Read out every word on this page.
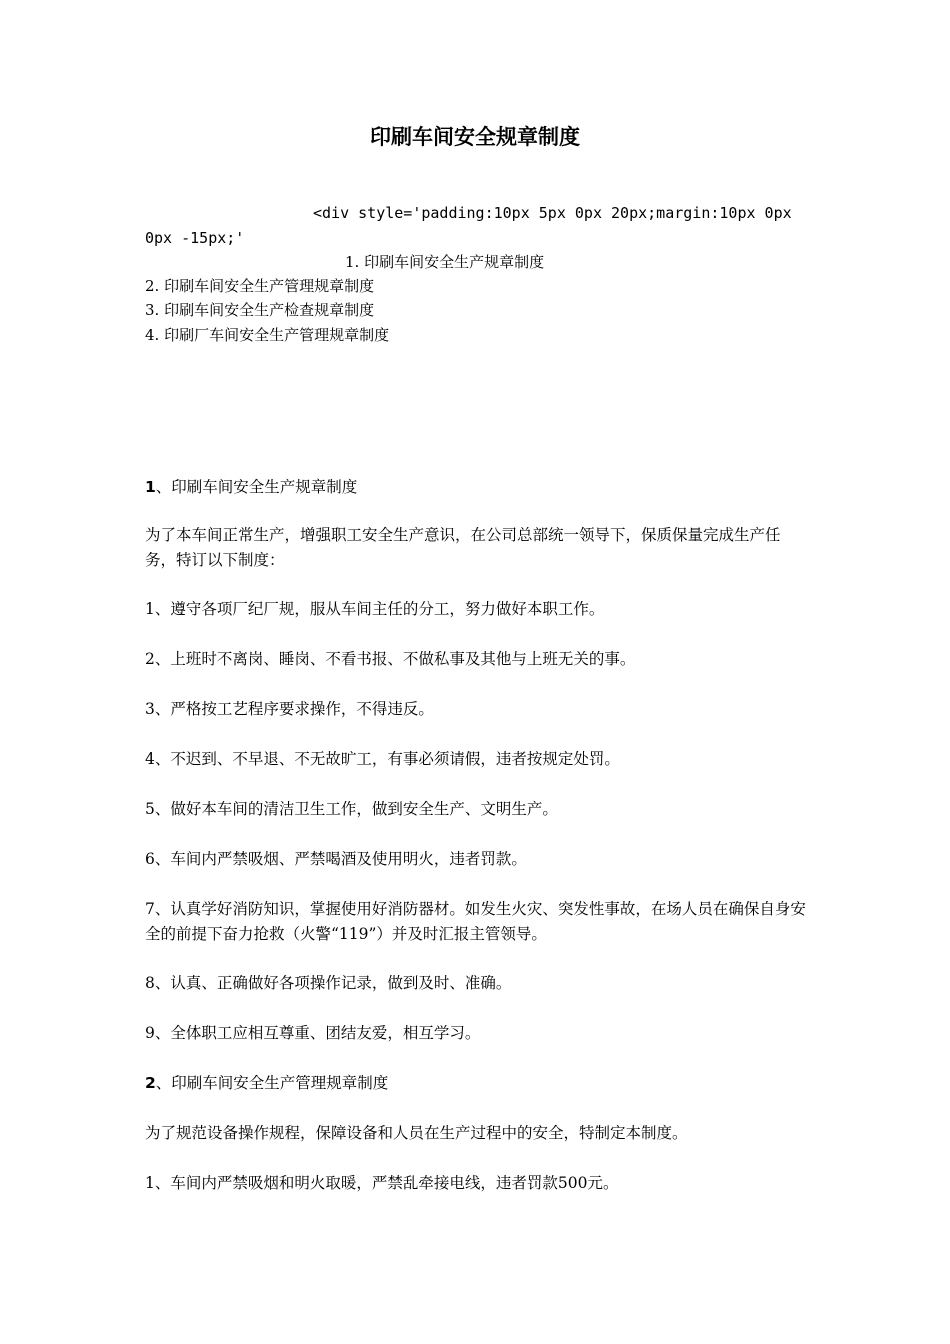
印刷车间安全规章制度
<div style='padding:10px 5px 0px 20px;margin:10px 0px 0px -15px;'
1. 印刷车间安全生产规章制度
2. 印刷车间安全生产管理规章制度
3. 印刷车间安全生产检查规章制度
4. 印刷厂车间安全生产管理规章制度
1、印刷车间安全生产规章制度
为了本车间正常生产，增强职工安全生产意识，在公司总部统一领导下，保质保量完成生产任务，特订以下制度：
1、遵守各项厂纪厂规，服从车间主任的分工，努力做好本职工作。
2、上班时不离岗、睡岗、不看书报、不做私事及其他与上班无关的事。
3、严格按工艺程序要求操作，不得违反。
4、不迟到、不早退、不无故旷工，有事必须请假，违者按规定处罚。
5、做好本车间的清洁卫生工作，做到安全生产、文明生产。
6、车间内严禁吸烟、严禁喝酒及使用明火，违者罚款。
7、认真学好消防知识，掌握使用好消防器材。如发生火灾、突发性事故，在场人员在确保自身安全的前提下奋力抢救（火警“119”）并及时汇报主管领导。
8、认真、正确做好各项操作记录，做到及时、准确。
9、全体职工应相互尊重、团结友爱，相互学习。
2、印刷车间安全生产管理规章制度
为了规范设备操作规程，保障设备和人员在生产过程中的安全，特制定本制度。
1、车间内严禁吸烟和明火取暖，严禁乱牵接电线，违者罚款500元。
